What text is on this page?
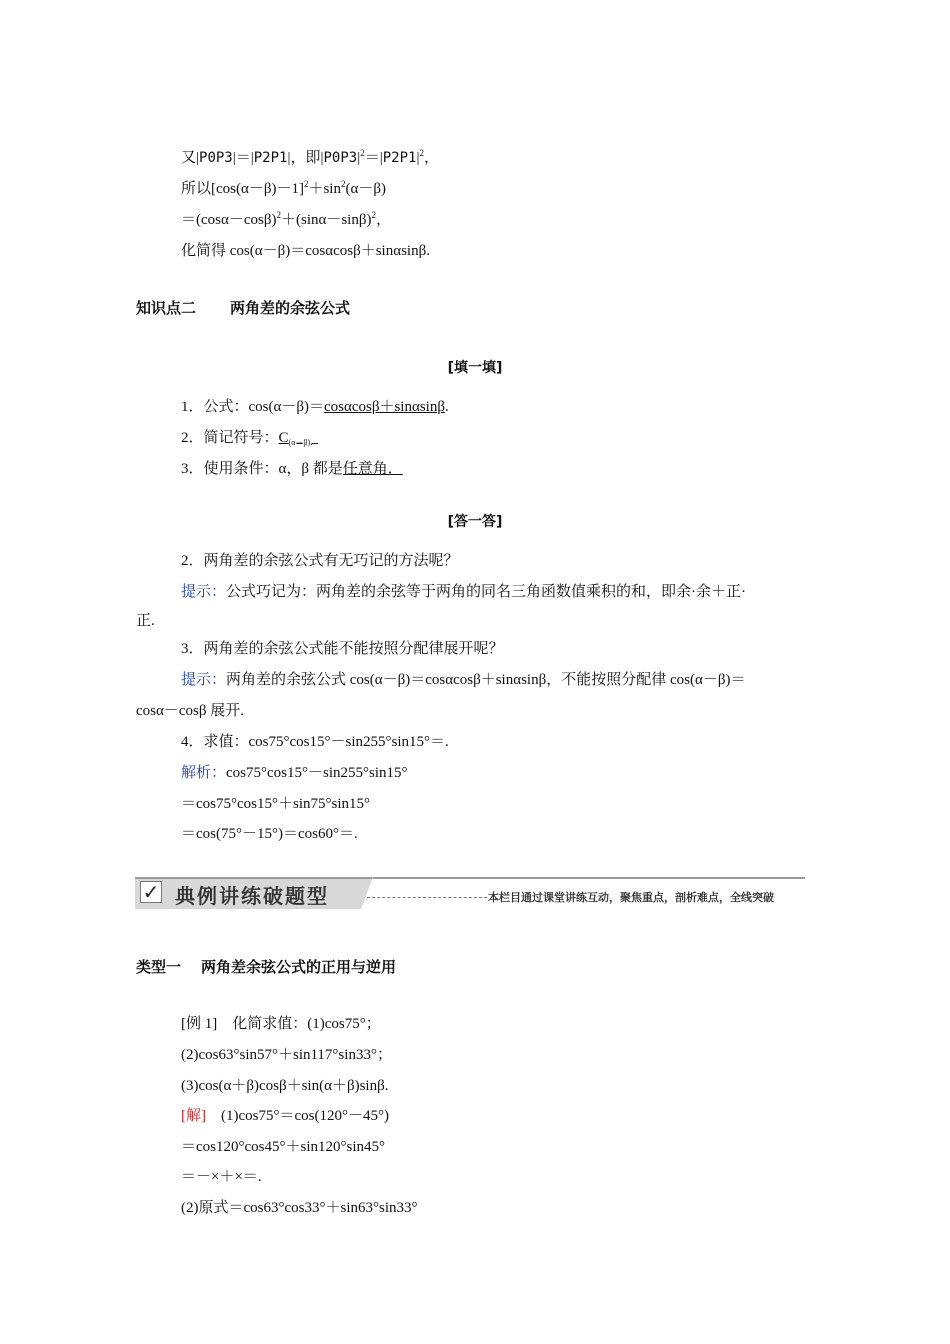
又|P0P3|＝|P2P1|，即$|P0P3|^2=|P2P1|^2$，
所以$[\cos(\alpha-\beta)-1]^2+\sin^2(\alpha-\beta)$
$=(\cos\alpha-\cos\beta)^2+(\sin\alpha-\sin\beta)^2$，
化简得 cos(α－β)＝cosαcosβ＋sinαsinβ.
知识点二 两角差的余弦公式
[填一填]
1．公式：cos(α－β)＝cosαcosβ＋sinαsinβ.
2．简记符号：$C_{(\alpha-\beta).}$
3．使用条件：α，β 都是任意角．
[答一答]
2．两角差的余弦公式有无巧记的方法呢？
提示：公式巧记为：两角差的余弦等于两角的同名三角函数值乘积的和，即余·余＋正·
正.
3．两角差的余弦公式能不能按照分配律展开呢？
提示：两角差的余弦公式 cos(α－β)＝cosαcosβ＋sinαsinβ，不能按照分配律 cos(α－β)＝
cosα－cosβ 展开.
4．求值：cos75°cos15°－sin255°sin15°＝.
解析：cos75°cos15°－sin255°sin15°
＝cos75°cos15°＋sin75°sin15°
＝cos(75°－15°)＝cos60°＝.
✓ 典例讲练破题型	本栏目通过课堂讲练互动，聚焦重点，剖析难点，全线突破
类型一 两角差余弦公式的正用与逆用
[例 1]　化简求值：(1)cos75°；
(2)cos63°sin57°＋sin117°sin33°；
(3)cos(α＋β)cosβ＋sin(α＋β)sinβ.
[解]　(1)cos75°＝cos(120°－45°)
＝cos120°cos45°＋sin120°sin45°
＝－×＋×＝.
(2)原式＝cos63°cos33°＋sin63°sin33°
